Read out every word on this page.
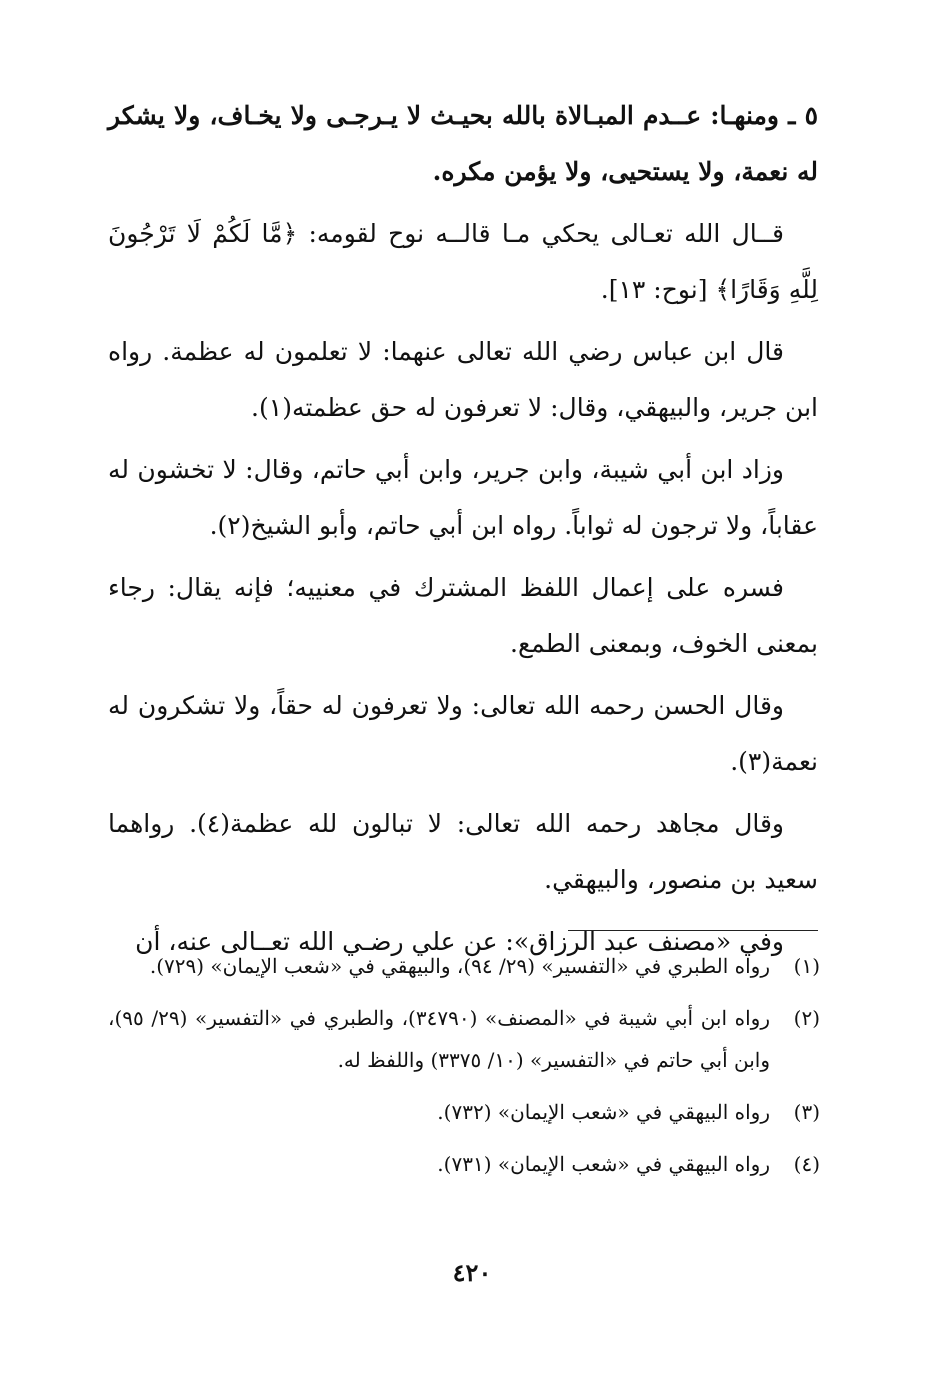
٥ ـ ومنهـا: عــدم المبـالاة بالله بحيـث لا يـرجـى ولا يخـاف، ولا يشكر له نعمة، ولا يستحيى، ولا يؤمن مكره.

قــال الله تعـالى يحكي مـا قالــه نوح لقومه: ﴿مَّا لَكُمْ لَا تَرْجُونَ لِلَّهِ وَقَارًا﴾ [نوح: ١٣].

قال ابن عباس رضي الله تعالى عنهما: لا تعلمون له عظمة. رواه ابن جرير، والبيهقي، وقال: لا تعرفون له حق عظمته(١).

وزاد ابن أبي شيبة، وابن جرير، وابن أبي حاتم، وقال: لا تخشون له عقاباً، ولا ترجون له ثواباً. رواه ابن أبي حاتم، وأبو الشيخ(٢).

فسره على إعمال اللفظ المشترك في معنييه؛ فإنه يقال: رجاء بمعنى الخوف، وبمعنى الطمع.

وقال الحسن رحمه الله تعالى: ولا تعرفون له حقاً، ولا تشكرون له نعمة(٣).

وقال مجاهد رحمه الله تعالى: لا تبالون لله عظمة(٤). رواهما سعيد بن منصور، والبيهقي.

وفي «مصنف عبد الرزاق»: عن علي رضـي الله تعــالى عنه، أن

(١)
رواه الطبري في «التفسير» (٢٩/ ٩٤)، والبيهقي في «شعب الإيمان» (٧٢٩).
(٢)
رواه ابن أبي شيبة في «المصنف» (٣٤٧٩٠)، والطبري في «التفسير» (٢٩/ ٩٥)، وابن أبي حاتم في «التفسير» (١٠/ ٣٣٧٥) واللفظ له.
(٣)
رواه البيهقي في «شعب الإيمان» (٧٣٢).
(٤)
رواه البيهقي في «شعب الإيمان» (٧٣١).
٤٢٠
